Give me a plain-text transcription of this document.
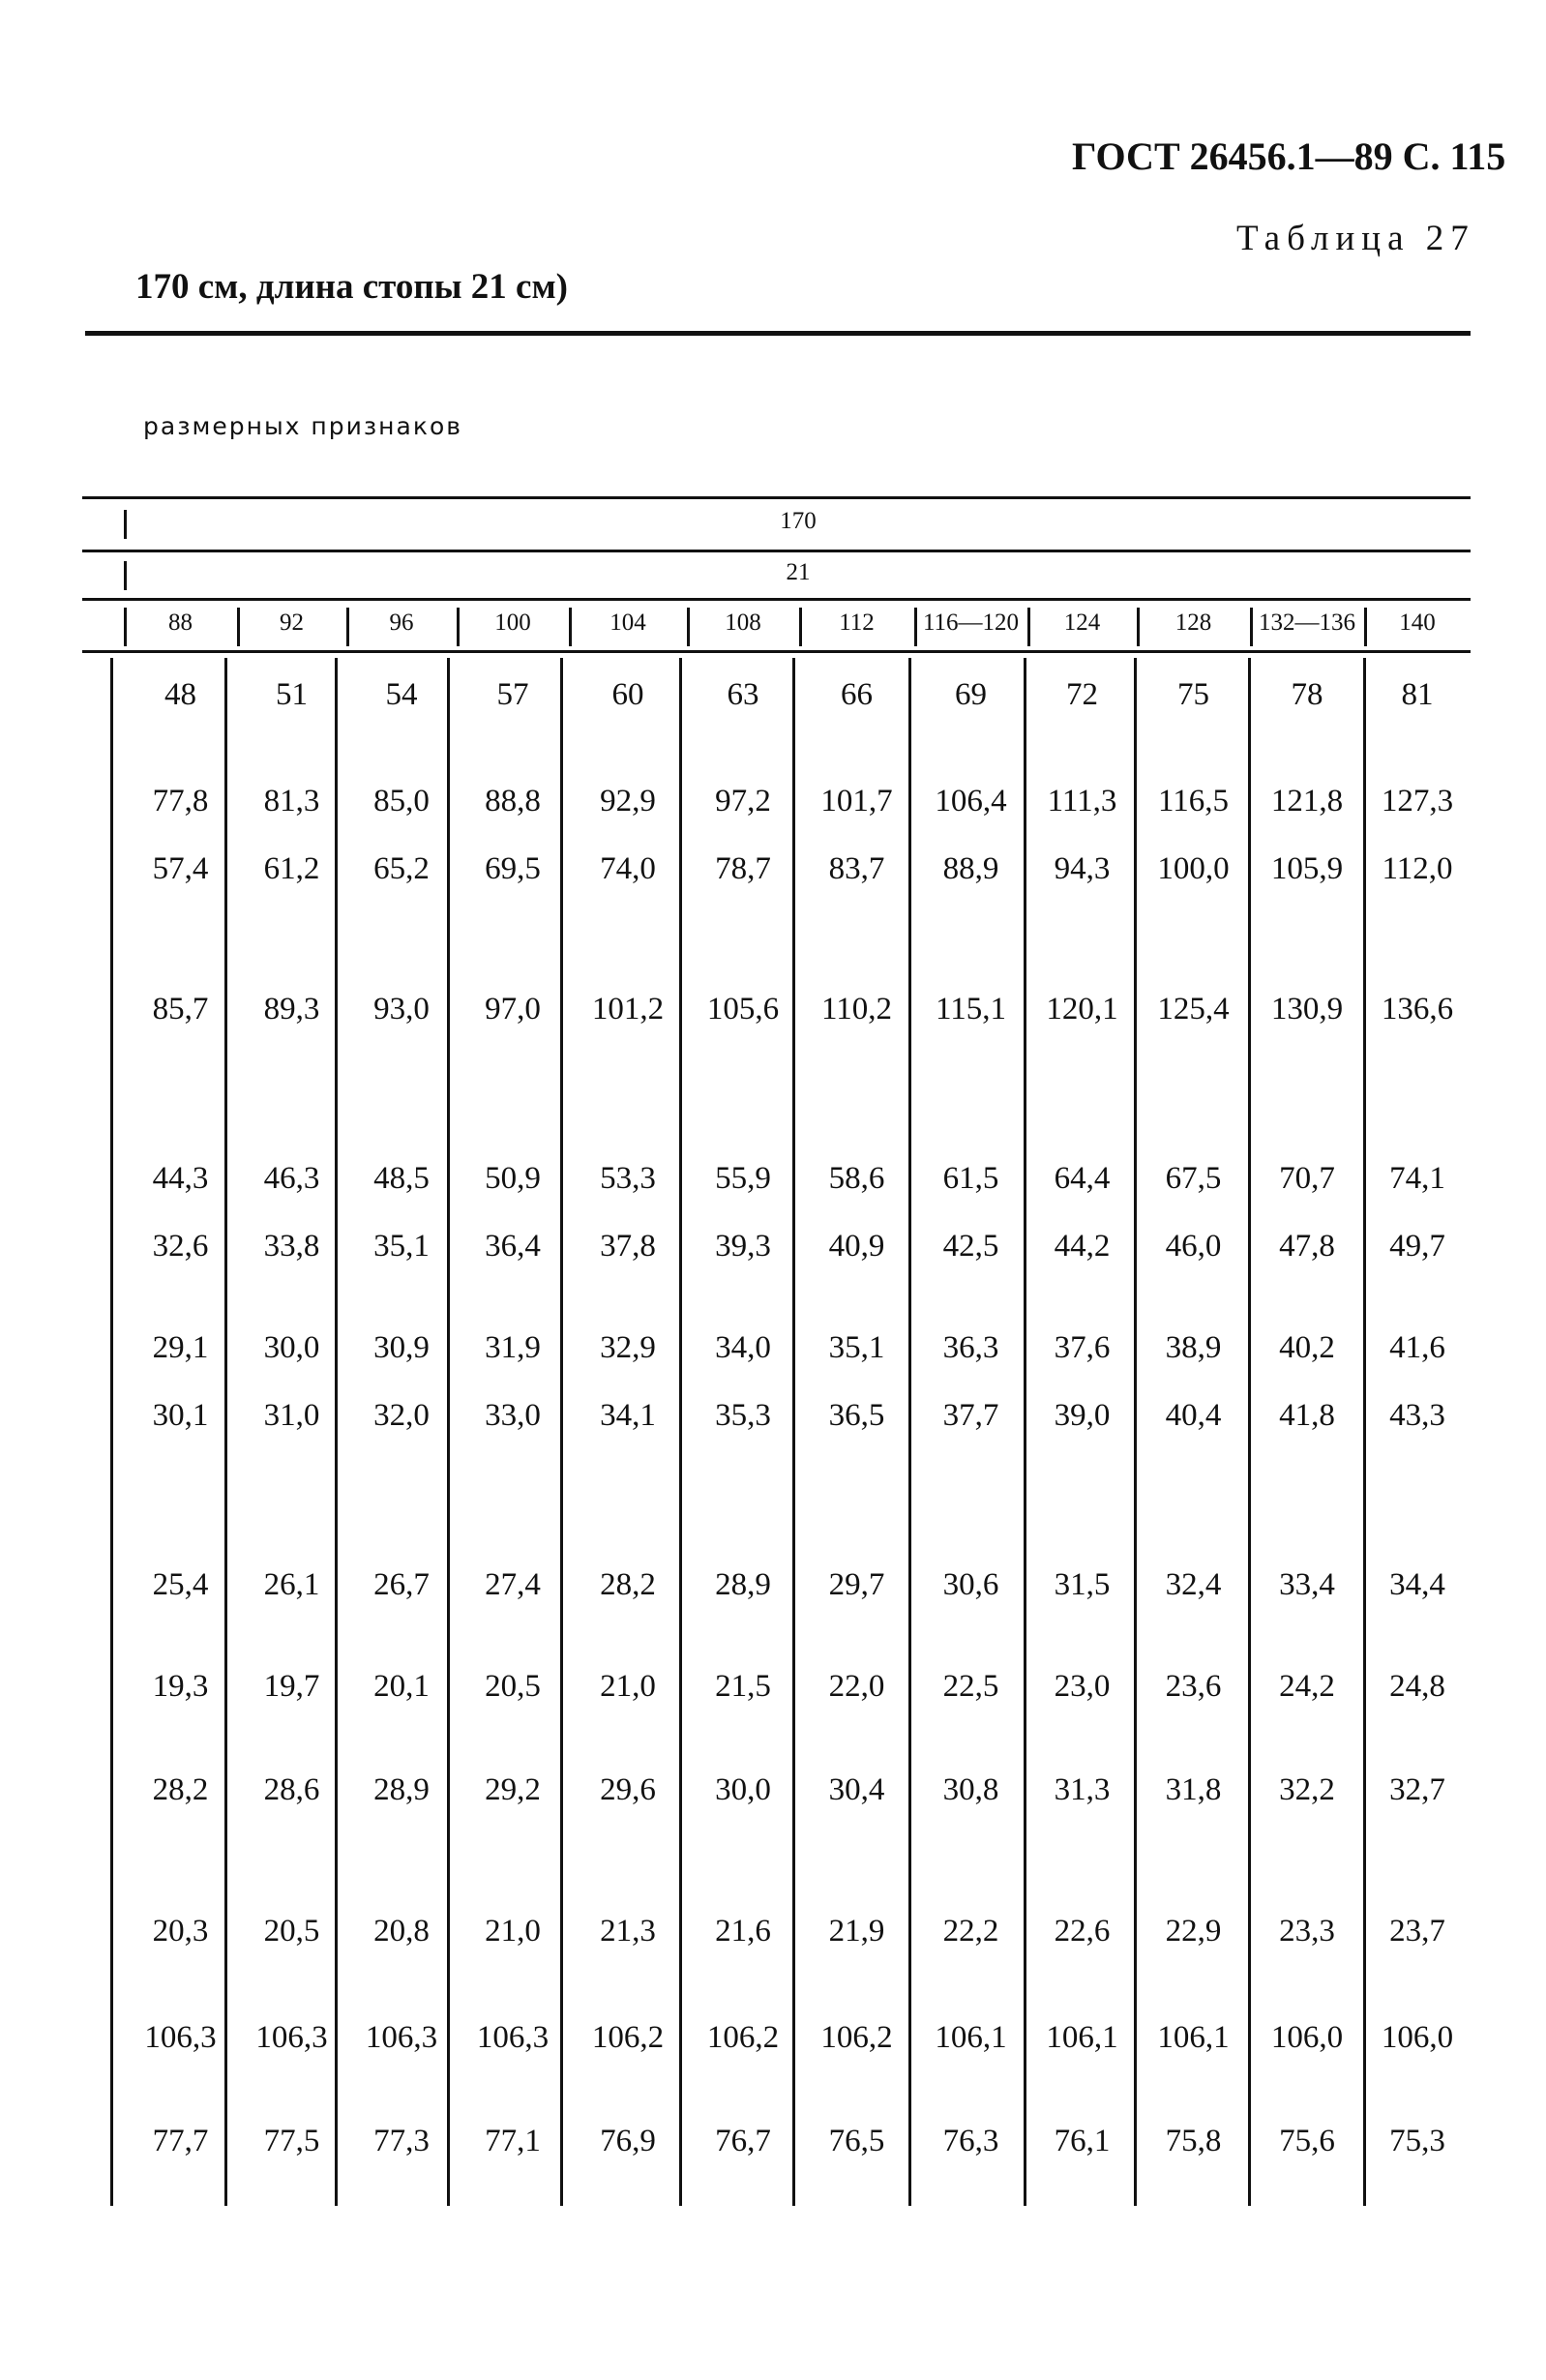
ГОСТ 26456.1—89 С. 115
Таблица 27
170 см, длина стопы 21 см)
размерных признаков
170
21
88	92	96	100	104	108	112	116—120	124	128	132—136	140
48	51	54	57	60	63	66	69	72	75	78	81
77,8	81,3	85,0	88,8	92,9	97,2	101,7	106,4	111,3	116,5	121,8	127,3
57,4	61,2	65,2	69,5	74,0	78,7	83,7	88,9	94,3	100,0	105,9	112,0
85,7	89,3	93,0	97,0	101,2	105,6	110,2	115,1	120,1	125,4	130,9	136,6
44,3	46,3	48,5	50,9	53,3	55,9	58,6	61,5	64,4	67,5	70,7	74,1
32,6	33,8	35,1	36,4	37,8	39,3	40,9	42,5	44,2	46,0	47,8	49,7
29,1	30,0	30,9	31,9	32,9	34,0	35,1	36,3	37,6	38,9	40,2	41,6
30,1	31,0	32,0	33,0	34,1	35,3	36,5	37,7	39,0	40,4	41,8	43,3
25,4	26,1	26,7	27,4	28,2	28,9	29,7	30,6	31,5	32,4	33,4	34,4
19,3	19,7	20,1	20,5	21,0	21,5	22,0	22,5	23,0	23,6	24,2	24,8
28,2	28,6	28,9	29,2	29,6	30,0	30,4	30,8	31,3	31,8	32,2	32,7
20,3	20,5	20,8	21,0	21,3	21,6	21,9	22,2	22,6	22,9	23,3	23,7
106,3	106,3	106,3	106,3	106,2	106,2	106,2	106,1	106,1	106,1	106,0	106,0
77,7	77,5	77,3	77,1	76,9	76,7	76,5	76,3	76,1	75,8	75,6	75,3
